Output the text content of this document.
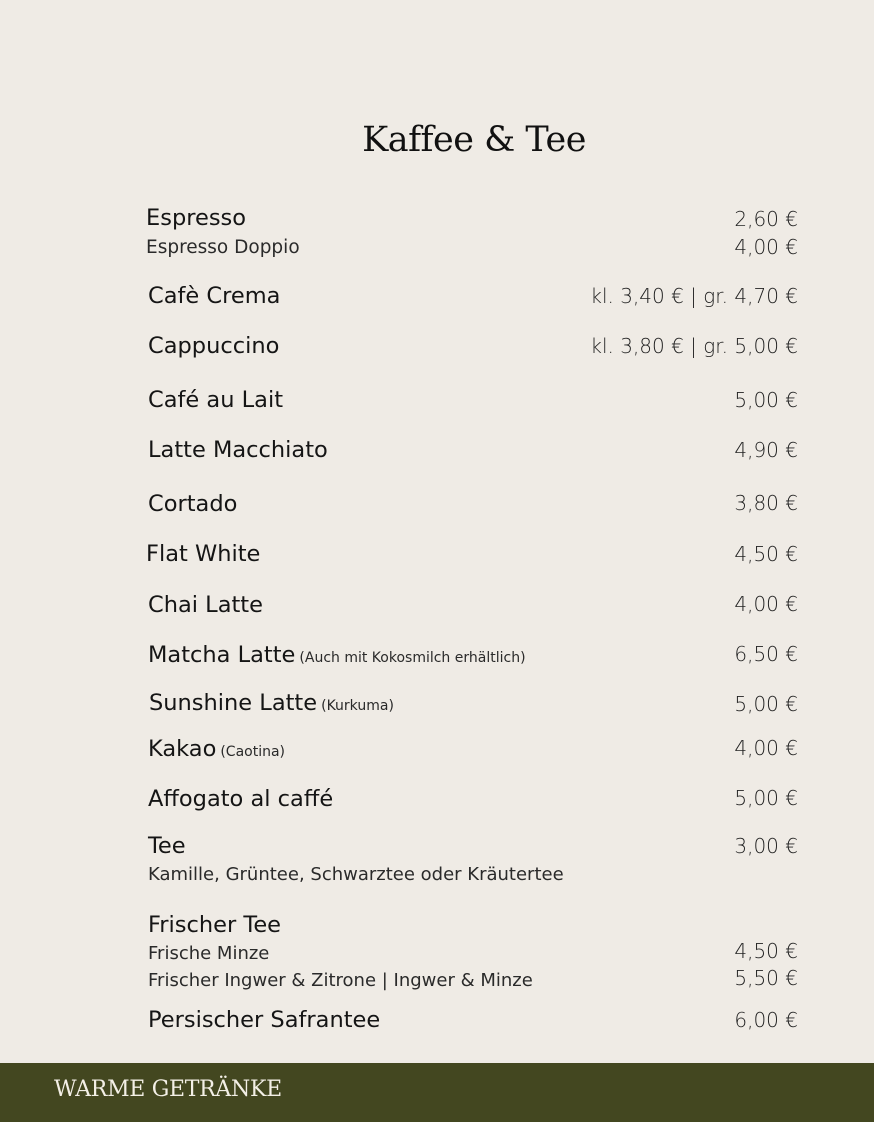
Kaffee & Tee
Espresso	2,60 €
Espresso Doppio	4,00 €
Cafè Crema	kl. 3,40 € | gr. 4,70 €
Cappuccino	kl. 3,80 € | gr. 5,00 €
Café au Lait	5,00 €
Latte Macchiato	4,90 €
Cortado	3,80 €
Flat White	4,50 €
Chai Latte	4,00 €
Matcha Latte (Auch mit Kokosmilch erhältlich)	6,50 €
Sunshine Latte (Kurkuma)	5,00 €
Kakao (Caotina)	4,00 €
Affogato al caffé	5,00 €
Tee	3,00 €
Kamille, Grüntee, Schwarztee oder Kräutertee
Frischer Tee
Frische Minze	4,50 €
Frischer Ingwer & Zitrone | Ingwer & Minze	5,50 €
Persischer Safrantee	6,00 €
WARME GETRÄNKE
